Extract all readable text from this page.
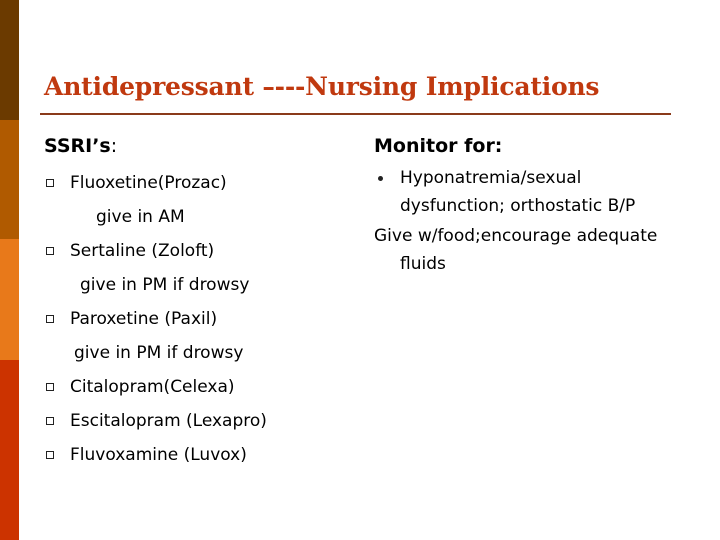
Antidepressant –---Nursing Implications
SSRI’s:
Fluoxetine(Prozac)
give in AM
Sertaline (Zoloft)
give in PM if drowsy
Paroxetine (Paxil)
give in PM if drowsy
Citalopram(Celexa)
Escitalopram (Lexapro)
Fluvoxamine (Luvox)
Monitor for:
Hyponatremia/sexual dysfunction; orthostatic B/P
Give w/food;encourage adequate fluids
